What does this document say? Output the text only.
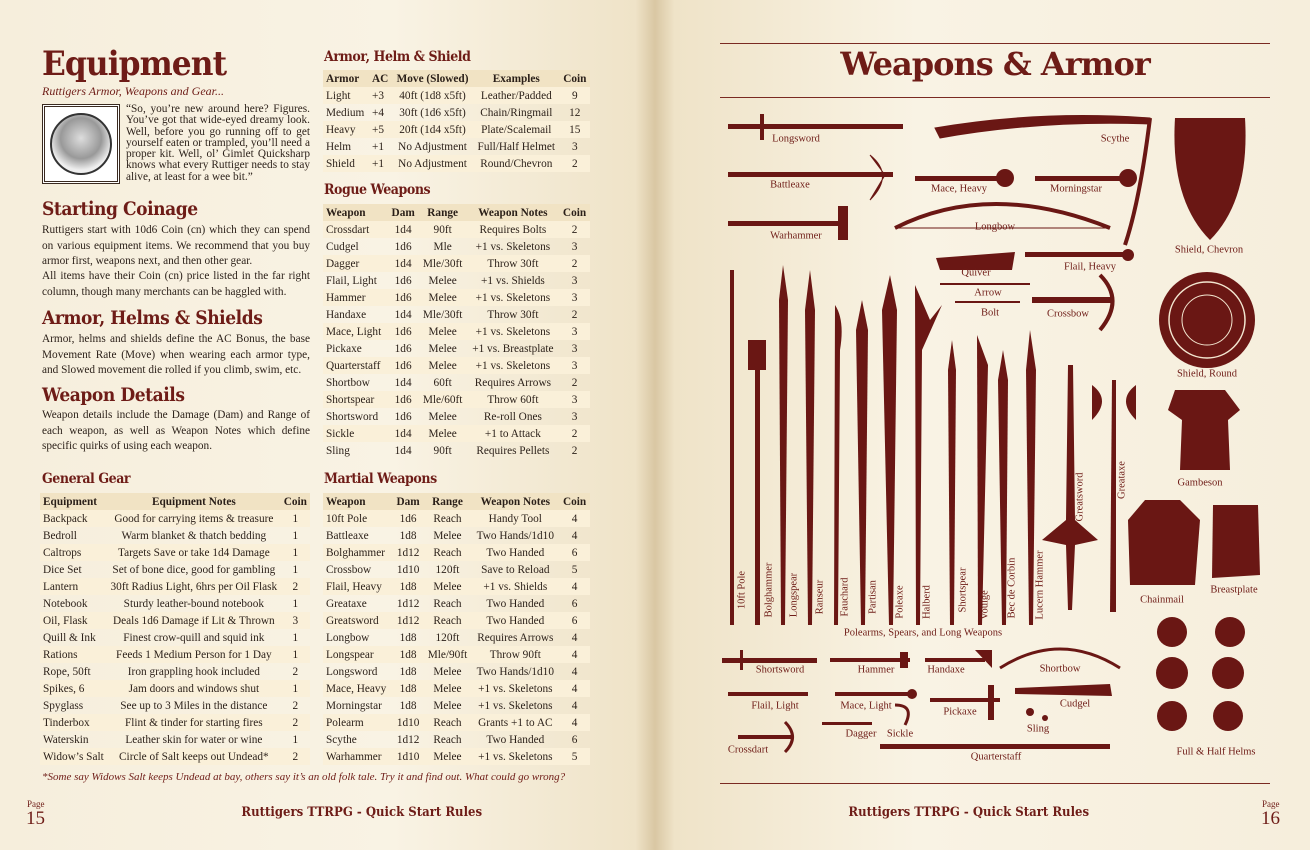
Equipment
Ruttigers Armor, Weapons and Gear...
“So, you’re new around here? Figures. You’ve got that wide-eyed dreamy look. Well, before you go running off to get yourself eaten or trampled, you’ll need a proper kit. Well, ol’ Gimlet Quicksharp knows what every Ruttiger needs to stay alive, at least for a wee bit.”
Starting Coinage
Ruttigers start with 10d6 Coin (cn) which they can spend on various equipment items. We recommend that you buy armor first, weapons next, and then other gear.
All items have their Coin (cn) price listed in the far right column, though many merchants can be haggled with.
Armor, Helms & Shields
Armor, helms and shields define the AC Bonus, the base Movement Rate (Move) when wearing each armor type, and Slowed movement die rolled if you climb, swim, etc.
Weapon Details
Weapon details include the Damage (Dam) and Range of each weapon, as well as Weapon Notes which define specific quirks of using each weapon.
Armor, Helm & Shield
Armor	AC	Move (Slowed)	Examples	Coin
Light	+3	40ft (1d8 x5ft)	Leather/Padded	9
Medium	+4	30ft (1d6 x5ft)	Chain/Ringmail	12
Heavy	+5	20ft (1d4 x5ft)	Plate/Scalemail	15
Helm	+1	No Adjustment	Full/Half Helmet	3
Shield	+1	No Adjustment	Round/Chevron	2
Rogue Weapons
Weapon	Dam	Range	Weapon Notes	Coin
Crossdart	1d4	90ft	Requires Bolts	2
Cudgel	1d6	Mle	+1 vs. Skeletons	3
Dagger	1d4	Mle/30ft	Throw 30ft	2
Flail, Light	1d6	Melee	+1 vs. Shields	3
Hammer	1d6	Melee	+1 vs. Skeletons	3
Handaxe	1d4	Mle/30ft	Throw 30ft	2
Mace, Light	1d6	Melee	+1 vs. Skeletons	3
Pickaxe	1d6	Melee	+1 vs. Breastplate	3
Quarterstaff	1d6	Melee	+1 vs. Skeletons	3
Shortbow	1d4	60ft	Requires Arrows	2
Shortspear	1d6	Mle/60ft	Throw 60ft	3
Shortsword	1d6	Melee	Re-roll Ones	3
Sickle	1d4	Melee	+1 to Attack	2
Sling	1d4	90ft	Requires Pellets	2
General Gear
Equipment	Equipment Notes	Coin
Backpack	Good for carrying items & treasure	1
Bedroll	Warm blanket & thatch bedding	1
Caltrops	Targets Save or take 1d4 Damage	1
Dice Set	Set of bone dice, good for gambling	1
Lantern	30ft Radius Light, 6hrs per Oil Flask	2
Notebook	Sturdy leather-bound notebook	1
Oil, Flask	Deals 1d6 Damage if Lit & Thrown	3
Quill & Ink	Finest crow-quill and squid ink	1
Rations	Feeds 1 Medium Person for 1 Day	1
Rope, 50ft	Iron grappling hook included	2
Spikes, 6	Jam doors and windows shut	1
Spyglass	See up to 3 Miles in the distance	2
Tinderbox	Flint & tinder for starting fires	2
Waterskin	Leather skin for water or wine	1
Widow’s Salt	Circle of Salt keeps out Undead*	2
Martial Weapons
Weapon	Dam	Range	Weapon Notes	Coin
10ft Pole	1d6	Reach	Handy Tool	4
Battleaxe	1d8	Melee	Two Hands/1d10	4
Bolghammer	1d12	Reach	Two Handed	6
Crossbow	1d10	120ft	Save to Reload	5
Flail, Heavy	1d8	Melee	+1 vs. Shields	4
Greataxe	1d12	Reach	Two Handed	6
Greatsword	1d12	Reach	Two Handed	6
Longbow	1d8	120ft	Requires Arrows	4
Longspear	1d8	Mle/90ft	Throw 90ft	4
Longsword	1d8	Melee	Two Hands/1d10	4
Mace, Heavy	1d8	Melee	+1 vs. Skeletons	4
Morningstar	1d8	Melee	+1 vs. Skeletons	4
Polearm	1d10	Reach	Grants +1 to AC	4
Scythe	1d12	Reach	Two Handed	6
Warhammer	1d10	Melee	+1 vs. Skeletons	5
*Some say Widows Salt keeps Undead at bay, others say it’s an old folk tale. Try it and find out. What could go wrong?
Page
15	Ruttigers TTRPG - Quick Start Rules
Weapons & Armor
Longsword	Scythe
Battleaxe	Mace, Heavy	Morningstar
Warhammer
Longbow
Shield, Chevron
Quiver
Flail, Heavy
Arrow
Bolt	Crossbow
Shield, Round
Gambeson
Chainmail
Breastplate
Polearms, Spears, and Long Weapons
Shortsword	Hammer	Handaxe	Shortbow
Flail, Light	Mace, Light	Cudgel
Pickaxe
Sling
Dagger Sickle
Crossdart
Quarterstaff	Full & Half Helms
10ft Pole Bolghammer Longspear Ranseur Fauchard Partisan Poleaxe Halberd Shortspear Voulge Bec de Corbin Lucern Hammer
Greatsword	Greataxe
Page
16
Ruttigers TTRPG - Quick Start Rules
